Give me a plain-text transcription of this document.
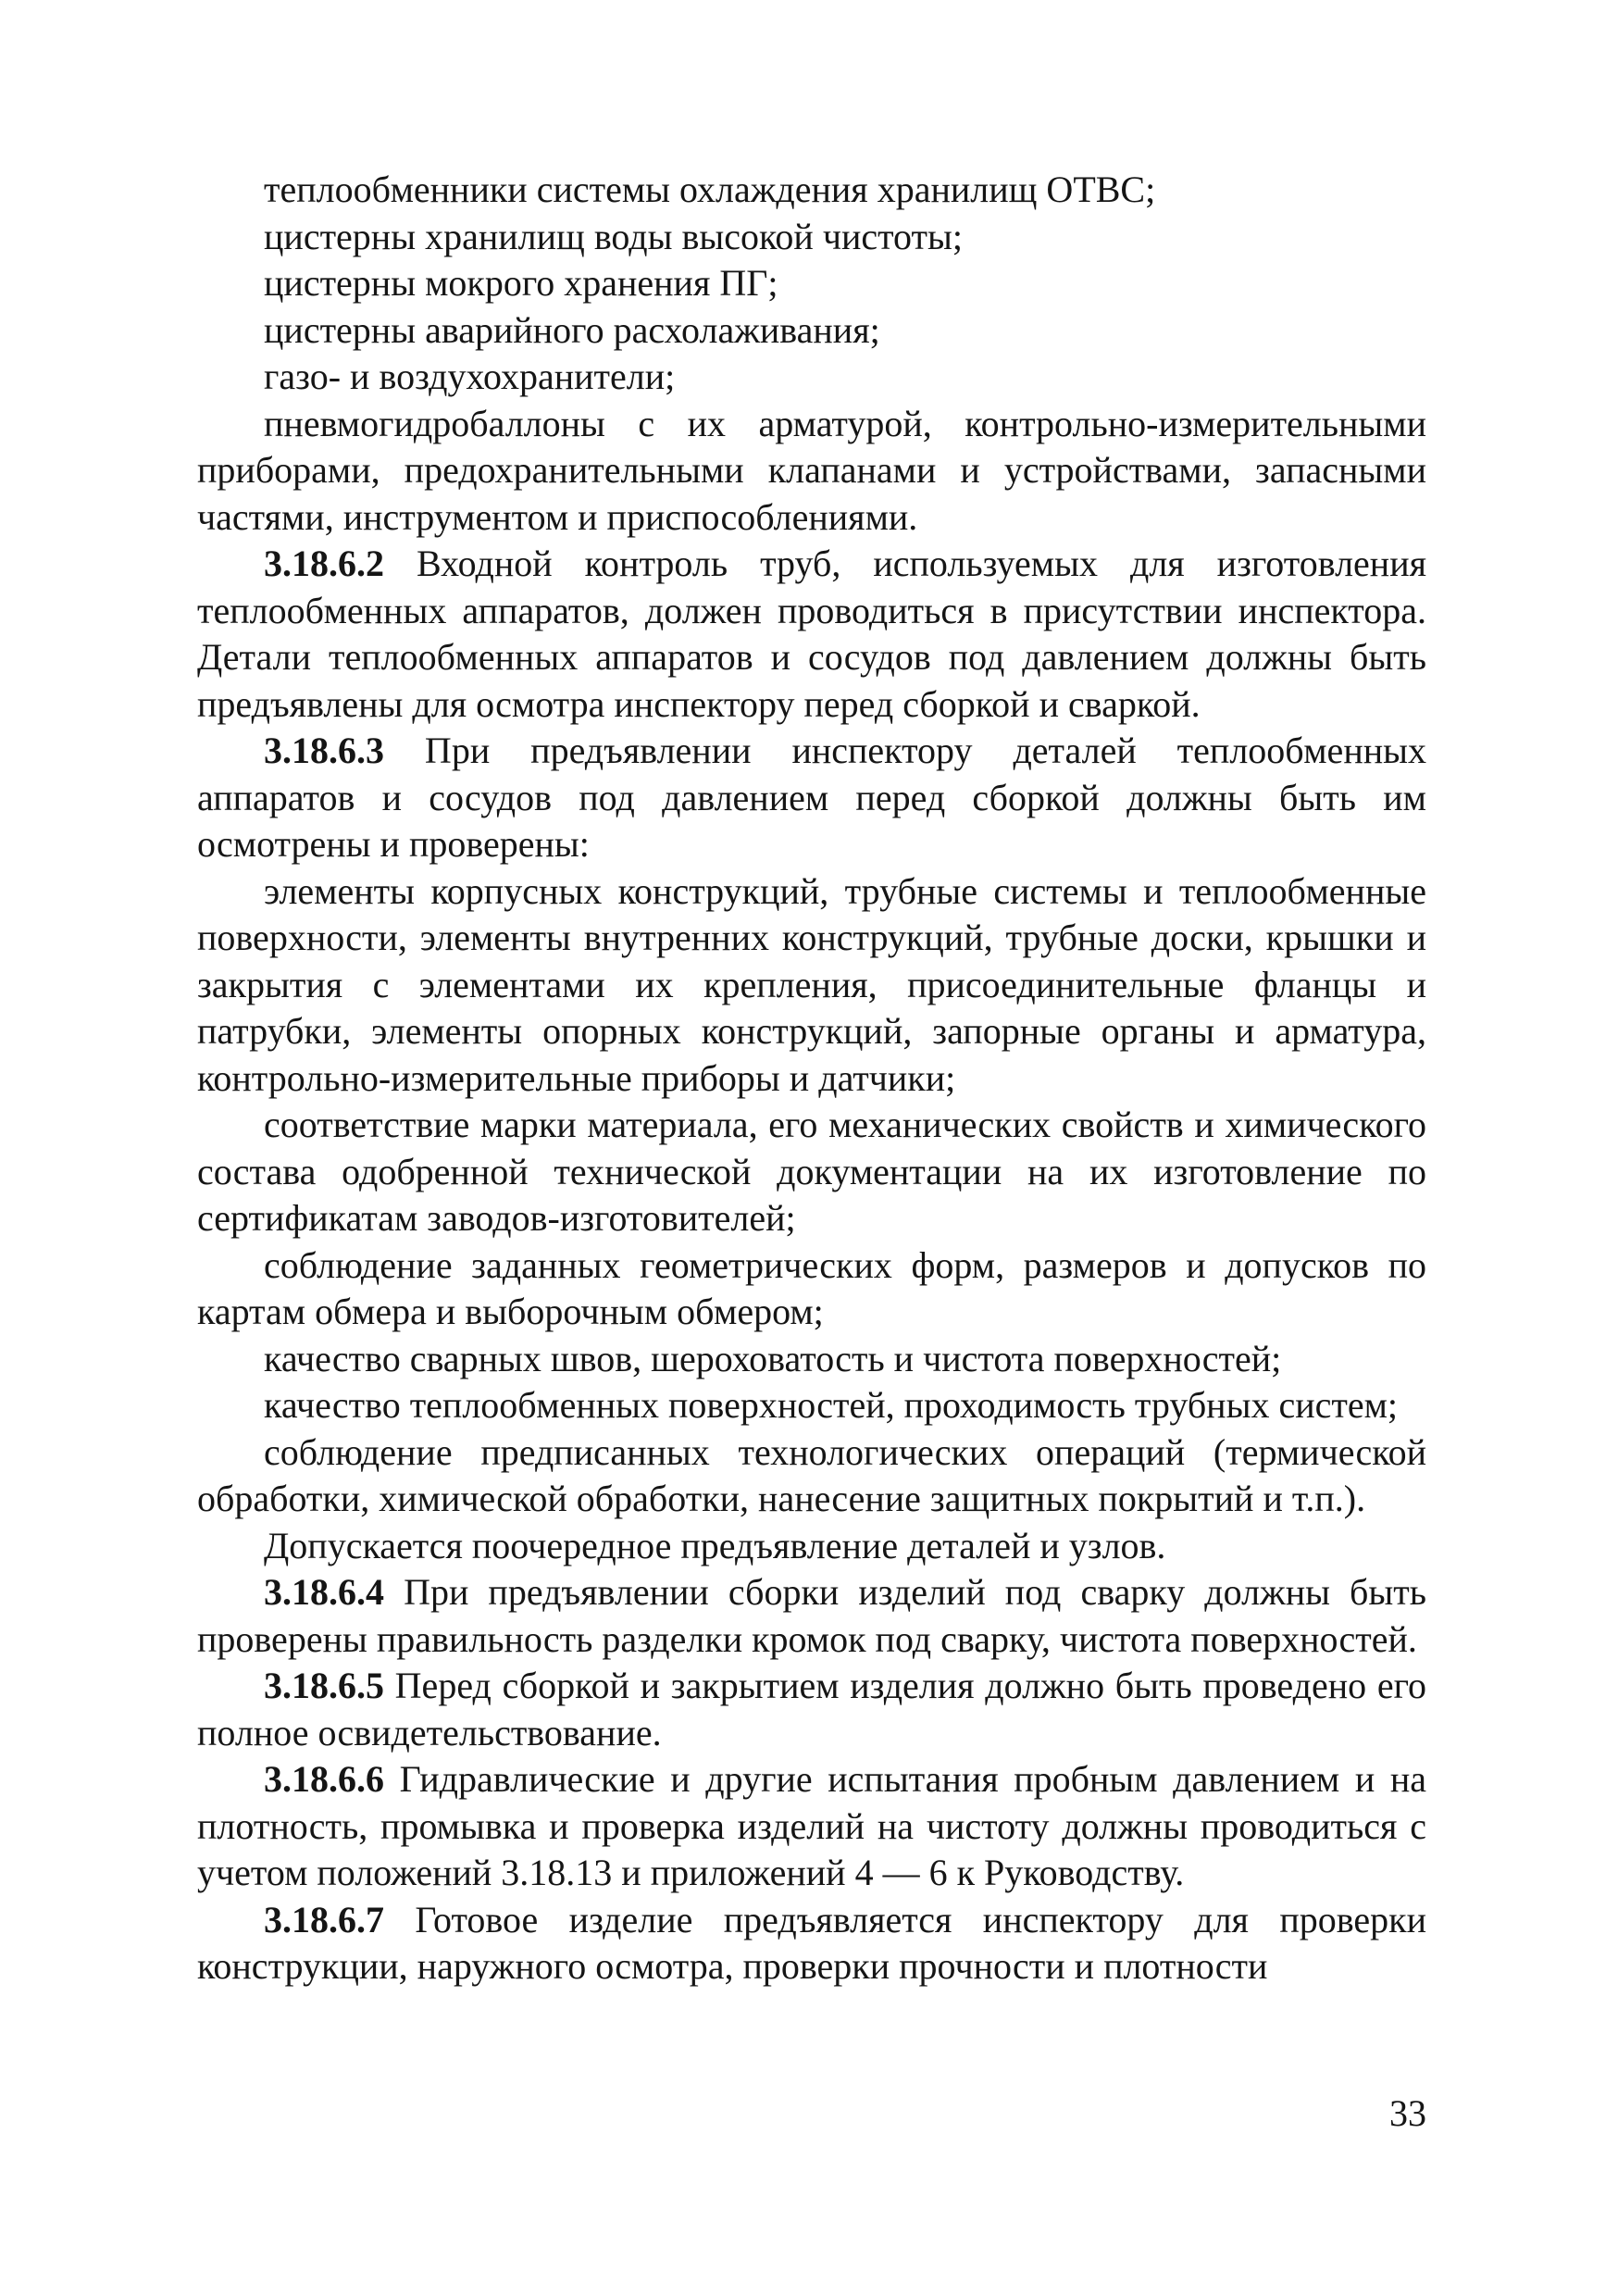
теплообменники системы охлаждения хранилищ ОТВС;

цистерны хранилищ воды высокой чистоты;

цистерны мокрого хранения ПГ;

цистерны аварийного расхолаживания;

газо- и воздухохранители;

пневмогидробаллоны с их арматурой, контрольно-измерительными приборами, предохранительными клапанами и устройствами, запасными частями, инструментом и приспособлениями.

3.18.6.2 Входной контроль труб, используемых для изготовления теплообменных аппаратов, должен проводиться в присутствии инспектора. Детали теплообменных аппаратов и сосудов под давлением должны быть предъявлены для осмотра инспектору перед сборкой и сваркой.

3.18.6.3 При предъявлении инспектору деталей теплообменных аппаратов и сосудов под давлением перед сборкой должны быть им осмотрены и проверены:

элементы корпусных конструкций, трубные системы и теплообменные поверхности, элементы внутренних конструкций, трубные доски, крышки и закрытия с элементами их крепления, присоединительные фланцы и патрубки, элементы опорных конструкций, запорные органы и арматура, контрольно-измерительные приборы и датчики;

соответствие марки материала, его механических свойств и химического состава одобренной технической документации на их изготовление по сертификатам заводов-изготовителей;

соблюдение заданных геометрических форм, размеров и допусков по картам обмера и выборочным обмером;

качество сварных швов, шероховатость и чистота поверхностей;

качество теплообменных поверхностей, проходимость трубных систем;

соблюдение предписанных технологических операций (термической обработки, химической обработки, нанесение защитных покрытий и т.п.).

Допускается поочередное предъявление деталей и узлов.

3.18.6.4 При предъявлении сборки изделий под сварку должны быть проверены правильность разделки кромок под сварку, чистота поверхностей.

3.18.6.5 Перед сборкой и закрытием изделия должно быть проведено его полное освидетельствование.

3.18.6.6 Гидравлические и другие испытания пробным давлением и на плотность, промывка и проверка изделий на чистоту должны проводиться с учетом положений 3.18.13 и приложений 4 — 6 к Руководству.

3.18.6.7 Готовое изделие предъявляется инспектору для проверки конструкции, наружного осмотра, проверки прочности и плотности

33
